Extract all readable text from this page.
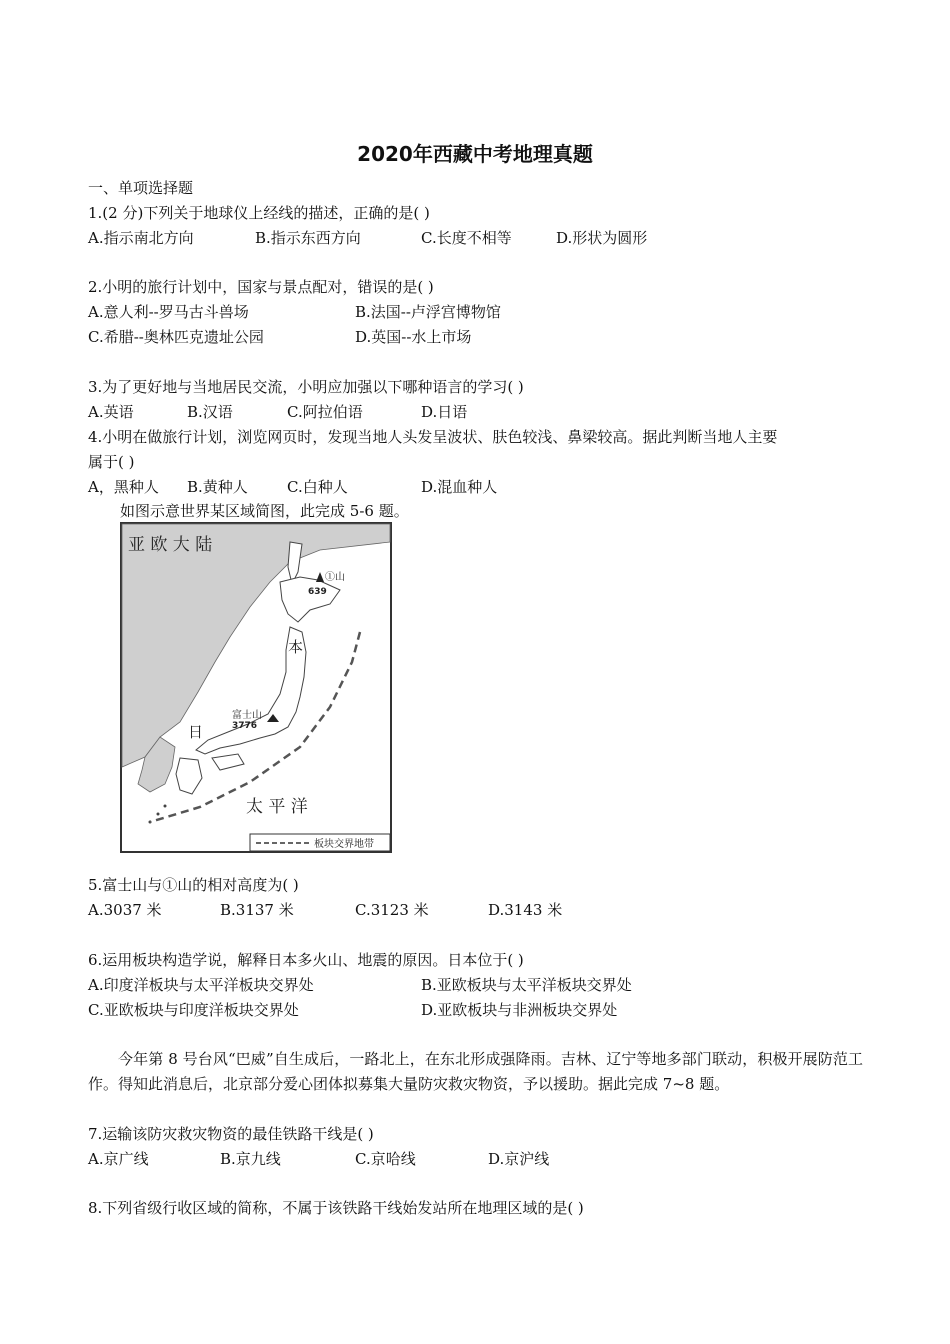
2020年西藏中考地理真题
一、单项选择题
1.(2 分)下列关于地球仪上经线的描述，正确的是( )
A.指示南北方向	B.指示东西方向	C.长度不相等	D.形状为圆形
2.小明的旅行计划中，国家与景点配对，错误的是( )
A.意人利--罗马古斗兽场	B.法国--卢浮宫博物馆
C.希腊--奥林匹克遗址公园	D.英国--水上市场
3.为了更好地与当地居民交流，小明应加强以下哪种语言的学习( )
A.英语	B.汉语	C.阿拉伯语	D.日语
4.小明在做旅行计划，浏览网页时，发现当地人头发呈波状、肤色较浅、鼻梁较高。据此判断当地人主要
属于( )
A，黑种人 B.黄种人	C.白种人	D.混血种人
如图示意世界某区域简图，此完成 5-6 题。
亚 欧 大 陆
①山
639
本
富士山
3776
日
太 平 洋
板块交界地带
5.富士山与①山的相对高度为( )
A.3037 米	B.3137 米	C.3123 米	D.3143 米
6.运用板块构造学说，解释日本多火山、地震的原因。日本位于( )
A.印度洋板块与太平洋板块交界处	B.亚欧板块与太平洋板块交界处
C.亚欧板块与印度洋板块交界处	D.亚欧板块与非洲板块交界处
今年第 8 号台风“巴威”自生成后，一路北上，在东北形成强降雨。吉林、辽宁等地多部门联动，积极开展防范工作。得知此消息后，北京部分爱心团体拟募集大量防灾救灾物资，予以援助。据此完成 7~8 题。
7.运输该防灾救灾物资的最佳铁路干线是( )
A.京广线	B.京九线	C.京哈线	D.京沪线
8.下列省级行收区域的简称，不属于该铁路干线始发站所在地理区域的是( )
